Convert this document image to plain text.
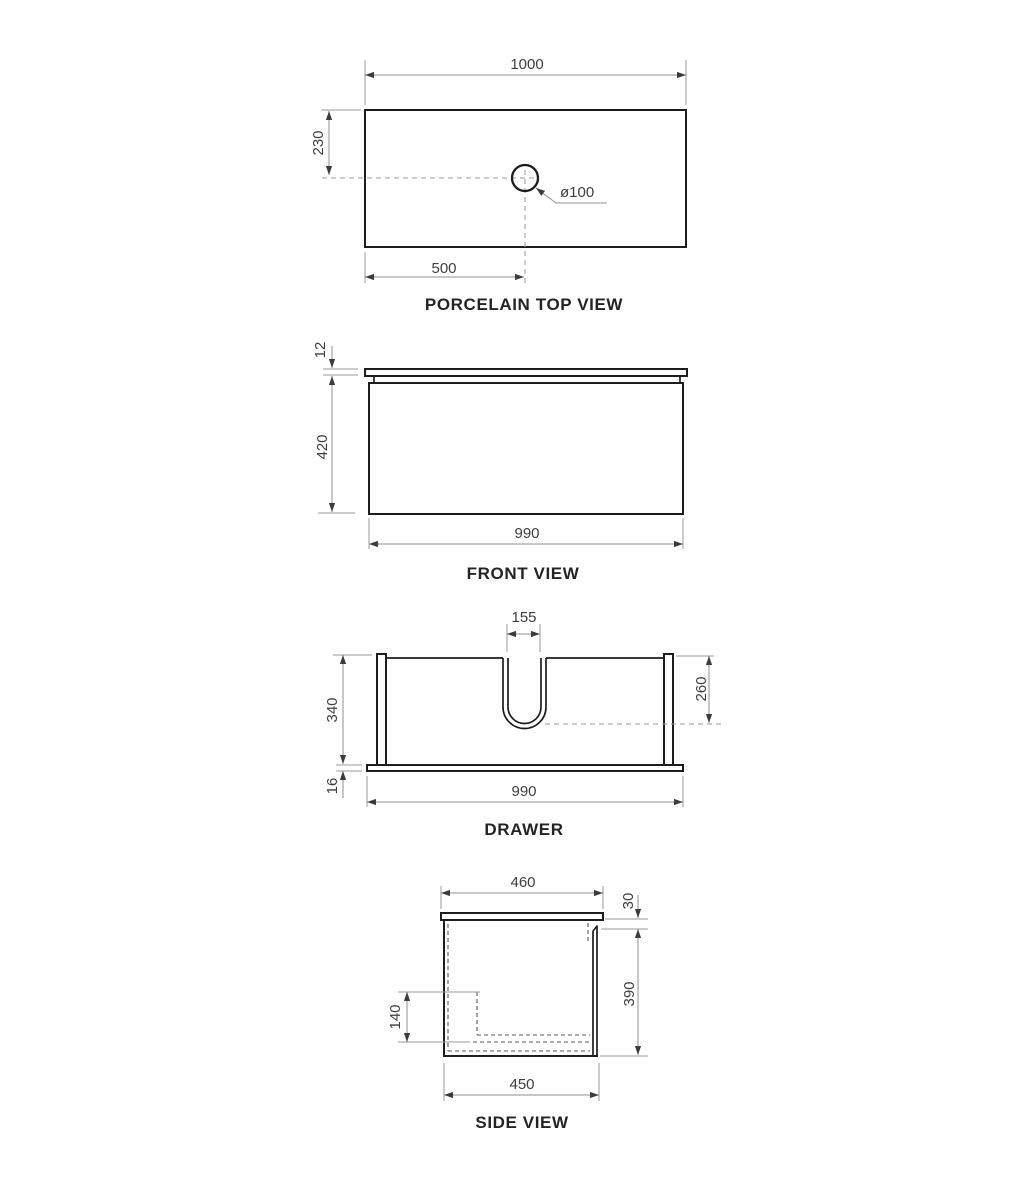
1000
230
500
ø100
PORCELAIN TOP VIEW
12
420
990
FRONT VIEW
155
340
16
260
990
DRAWER
460
30
390
140
450
SIDE VIEW
